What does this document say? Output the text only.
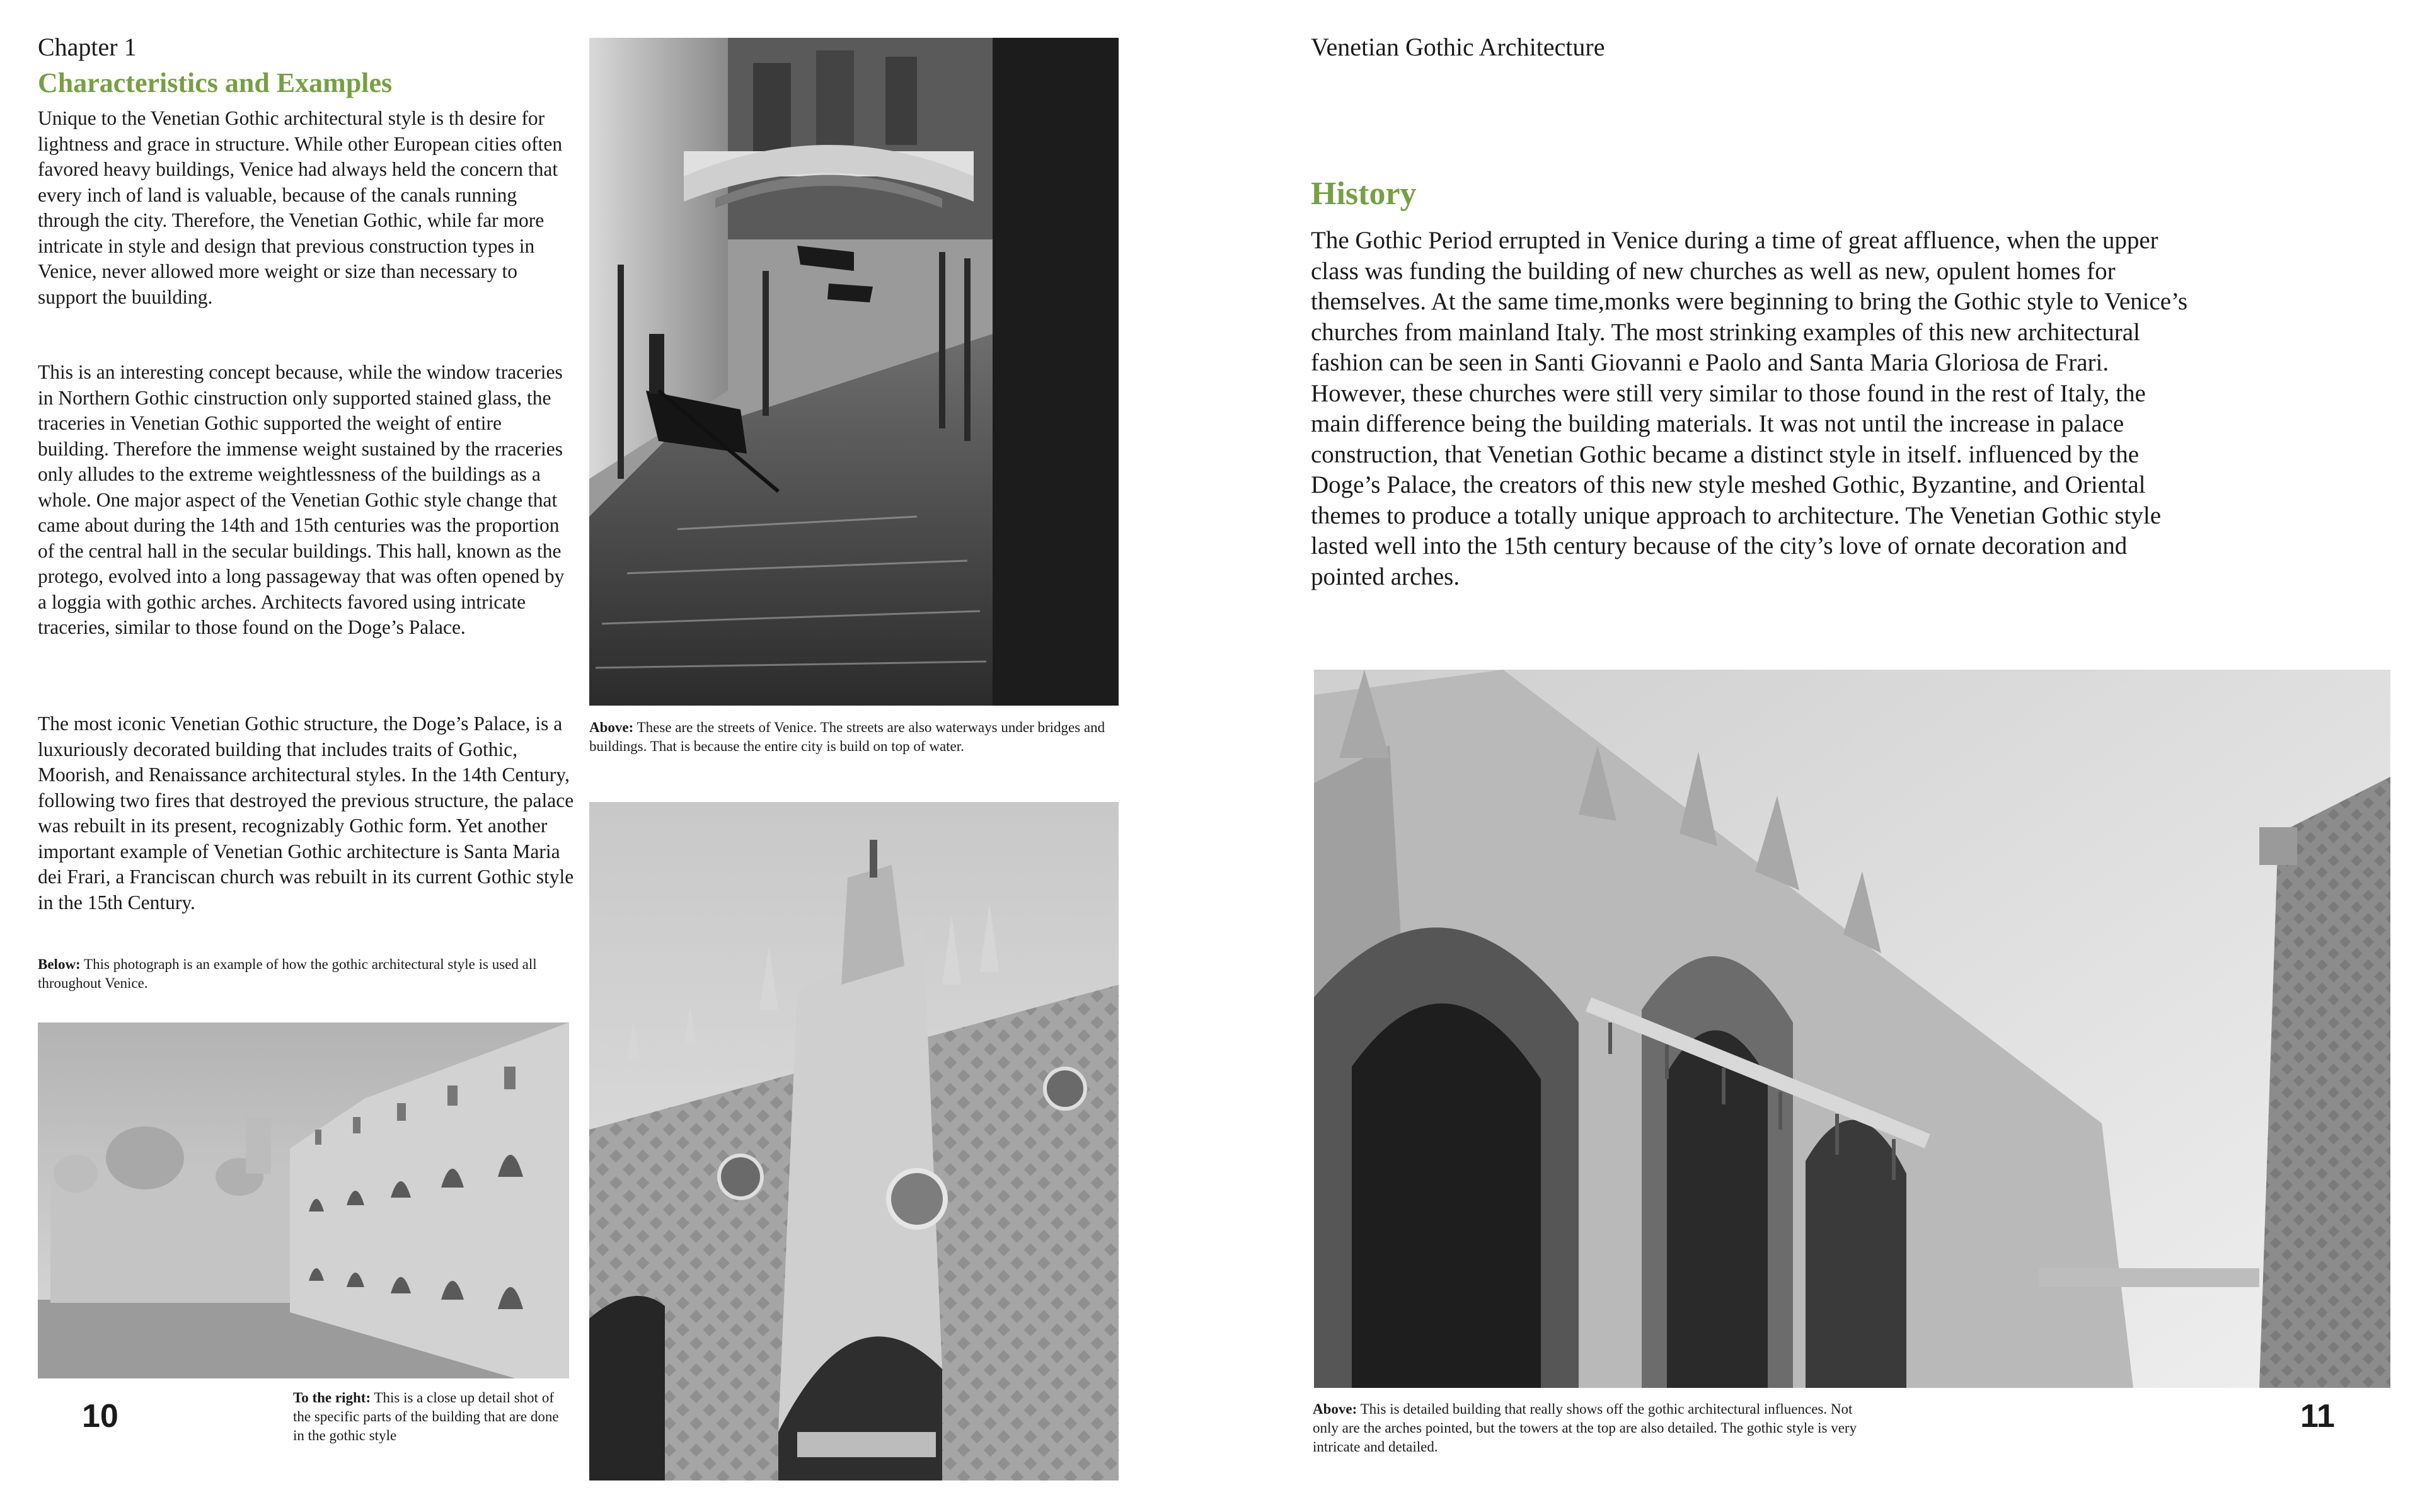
Chapter 1
Characteristics and Examples

Unique to the Venetian Gothic architectural style is th desire for lightness and grace in structure. While other European cities often favored heavy buildings, Venice had always held the concern that every inch of land is valuable, because of the canals running through the city. Therefore, the Venetian Gothic, while far more intricate in style and design that previous construction types in Venice, never allowed more weight or size than necessary to support the buuilding.

This is an interesting concept because, while the window traceries in Northern Gothic cinstruction only supported stained glass, the traceries in Venetian Gothic supported the weight of entire building. Therefore the immense weight sustained by the rraceries only alludes to the extreme weightlessness of the buildings as a whole. One major aspect of the Venetian Gothic style change that came about during the 14th and 15th centuries was the proportion of the central hall in the secular buildings. This hall, known as the protego, evolved into a long passageway that was often opened by a loggia with gothic arches. Architects favored using intricate traceries, similar to those found on the Doge’s Palace.

The most iconic Venetian Gothic structure, the Doge’s Palace, is a luxuriously decorated building that includes traits of Gothic, Moorish, and Renaissance architectural styles. In the 14th Century, following two fires that destroyed the previous structure, the palace was rebuilt in its present, recognizably Gothic form. Yet another important example of Venetian Gothic architecture is Santa Maria dei Frari, a Franciscan church was rebuilt in its current Gothic style in the 15th Century.

Below: This photograph is an example of how the gothic architectural style is used all throughout Venice.

Above: These are the streets of Venice. The streets are also waterways under bridges and buildings. That is because the entire city is build on top of water.

To the right: This is a close up detail shot of the specific parts of the building that are done in the gothic style

10
Venetian Gothic Architecture
History

The Gothic Period errupted in Venice during a time of great affluence, when the upper class was funding the building of new churches as well as new, opulent homes for themselves. At the same time,monks were beginning to bring the Gothic style to Venice’s churches from mainland Italy. The most strinking examples of this new architectural fashion can be seen in Santi Giovanni e Paolo and Santa Maria Gloriosa de Frari. However, these churches were still very similar to those found in the rest of Italy, the main difference being the building materials. It was not until the increase in palace construction, that Venetian Gothic became a distinct style in itself. influenced by the Doge’s Palace, the creators of this new style meshed Gothic, Byzantine, and Oriental themes to produce a totally unique approach to architecture. The Venetian Gothic style lasted well into the 15th century because of the city’s love of ornate decoration and pointed arches.

Above: This is detailed building that really shows off the gothic architectural influences. Not only are the arches pointed, but the towers at the top are also detailed. The gothic style is very intricate and detailed.

11
